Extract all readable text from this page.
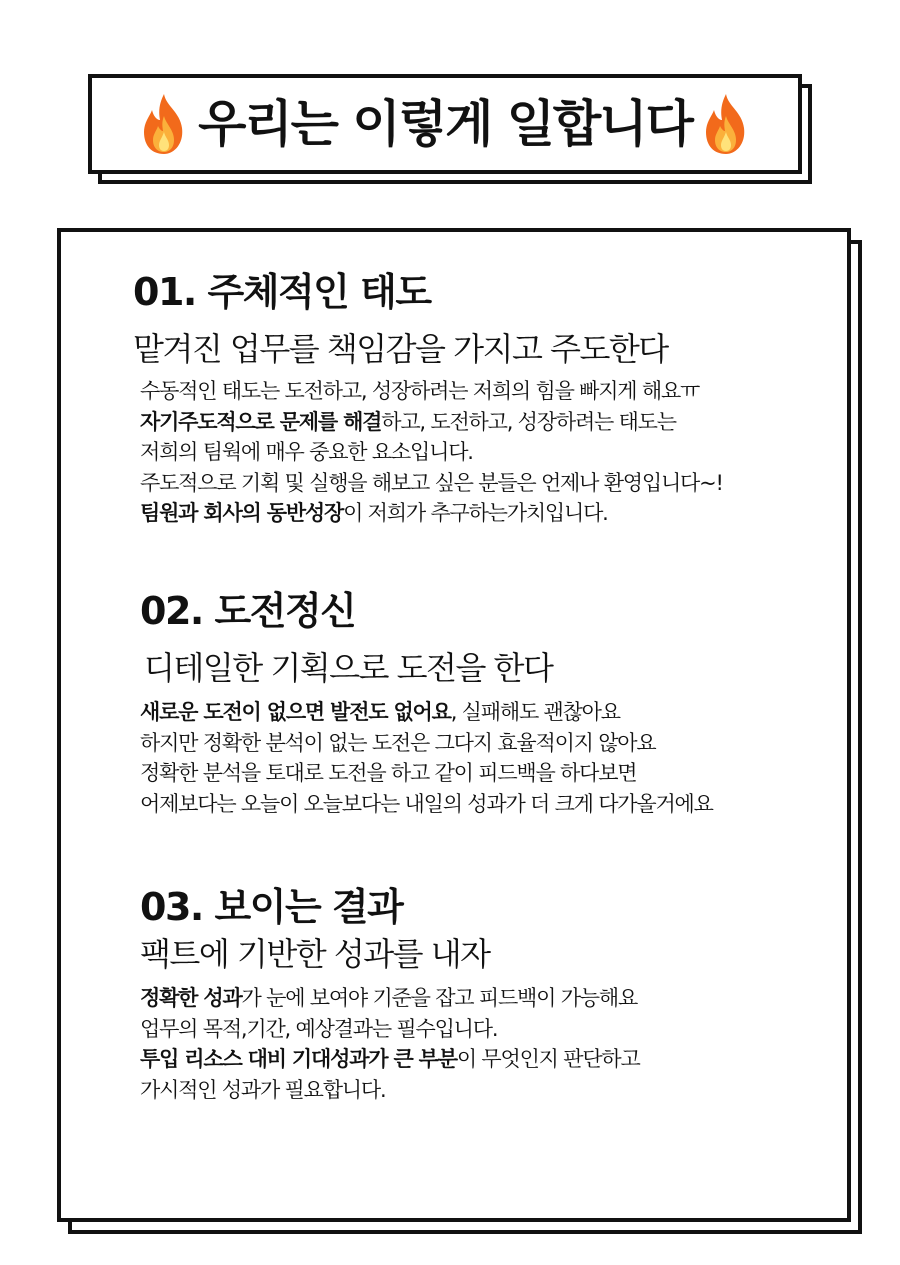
우리는 이렇게 일합니다
01. 주체적인 태도

맡겨진 업무를 책임감을 가지고 주도한다

수동적인 태도는 도전하고, 성장하려는 저희의 힘을 빠지게 해요ㅠ
자기주도적으로 문제를 해결하고, 도전하고, 성장하려는 태도는
저희의 팀웍에 매우 중요한 요소입니다.
주도적으로 기획 및 실행을 해보고 싶은 분들은 언제나 환영입니다~!
팀원과 회사의 동반성장이 저희가 추구하는가치입니다.

02. 도전정신

디테일한 기획으로 도전을 한다

새로운 도전이 없으면 발전도 없어요, 실패해도 괜찮아요
하지만 정확한 분석이 없는 도전은 그다지 효율적이지 않아요
정확한 분석을 토대로 도전을 하고 같이 피드백을 하다보면
어제보다는 오늘이 오늘보다는 내일의 성과가 더 크게 다가올거에요

03. 보이는 결과

팩트에 기반한 성과를 내자

정확한 성과가 눈에 보여야 기준을 잡고 피드백이 가능해요
업무의 목적,기간, 예상결과는 필수입니다.
투입 리소스 대비 기대성과가 큰 부분이 무엇인지 판단하고
가시적인 성과가 필요합니다.
